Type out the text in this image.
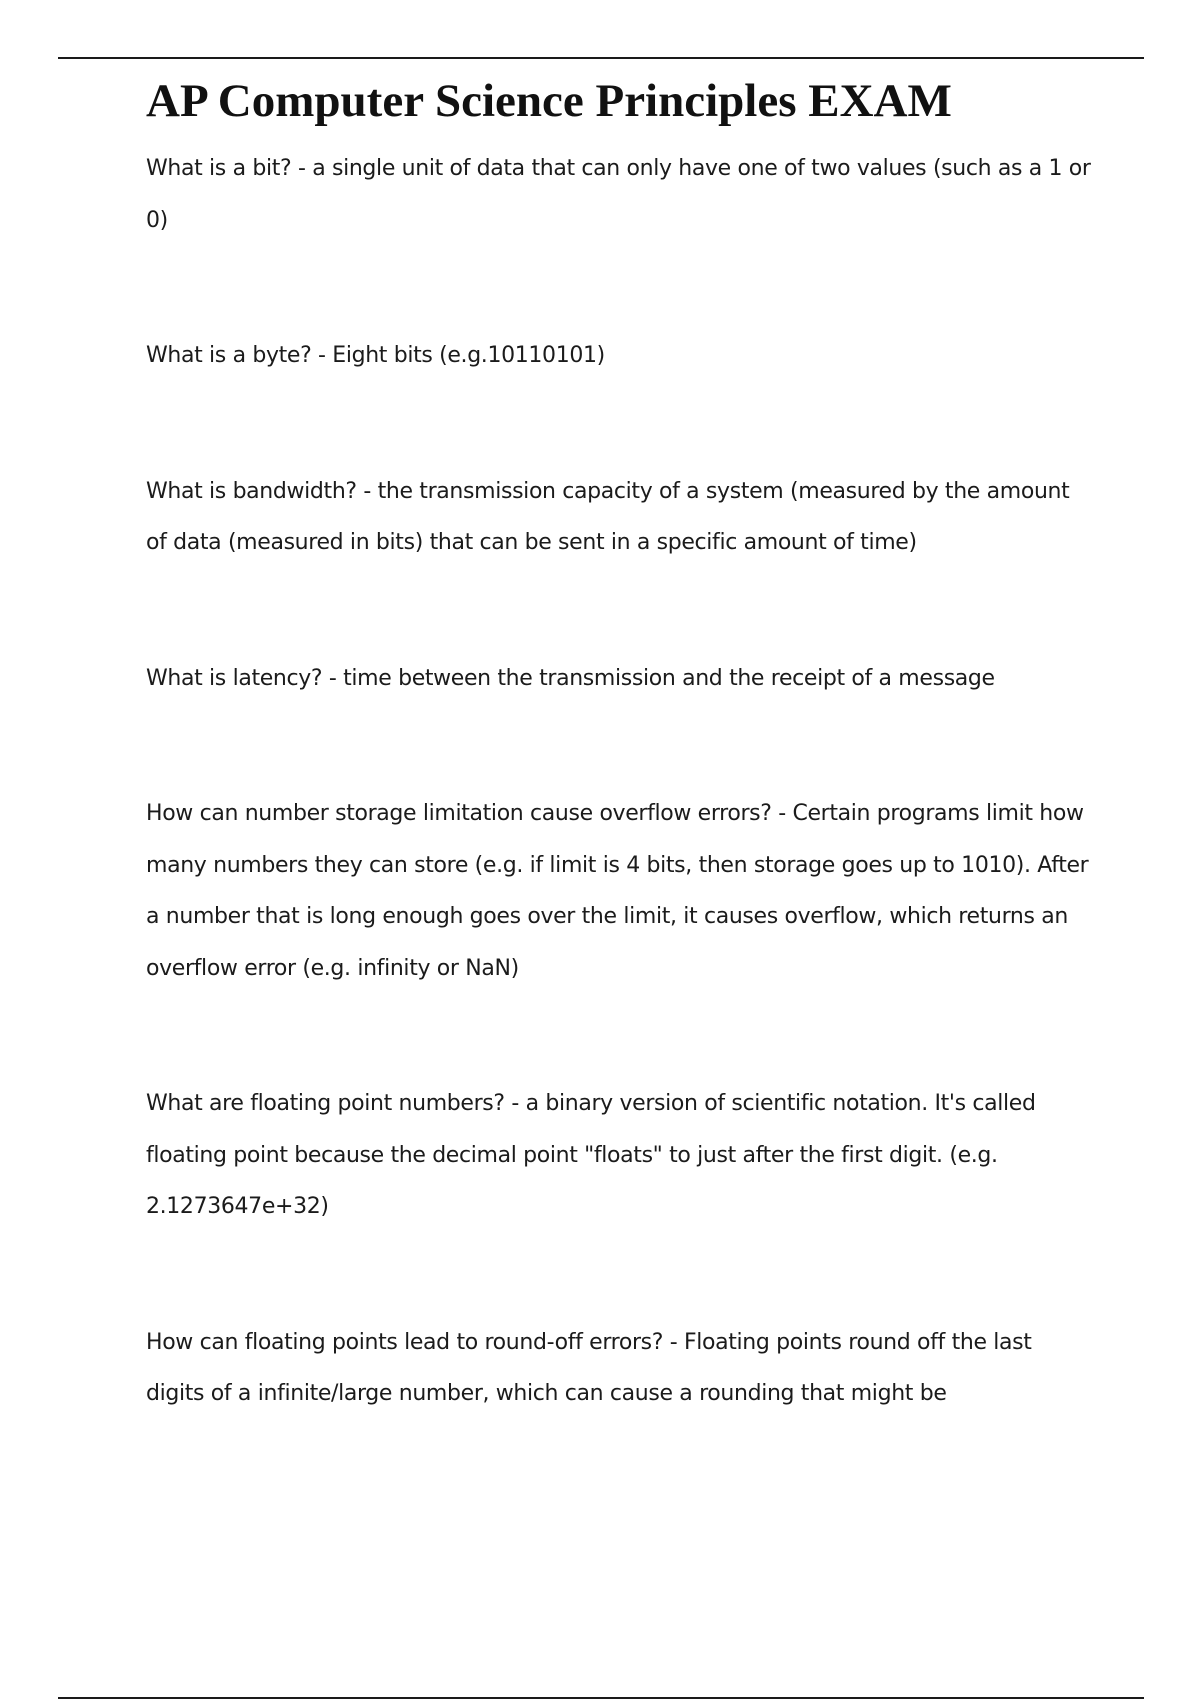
AP Computer Science Principles EXAM

What is a bit? - a single unit of data that can only have one of two values (such as a 1 or 0)

What is a byte? - Eight bits (e.g.10110101)

What is bandwidth? - the transmission capacity of a system (measured by the amount of data (measured in bits) that can be sent in a specific amount of time)

What is latency? - time between the transmission and the receipt of a message

How can number storage limitation cause overflow errors? - Certain programs limit how many numbers they can store (e.g. if limit is 4 bits, then storage goes up to 1010). After a number that is long enough goes over the limit, it causes overflow, which returns an overflow error (e.g. infinity or NaN)

What are floating point numbers? - a binary version of scientific notation. It's called floating point because the decimal point "floats" to just after the first digit. (e.g. 2.1273647e+32)

How can floating points lead to round-off errors? - Floating points round off the last digits of a infinite/large number, which can cause a rounding that might be
